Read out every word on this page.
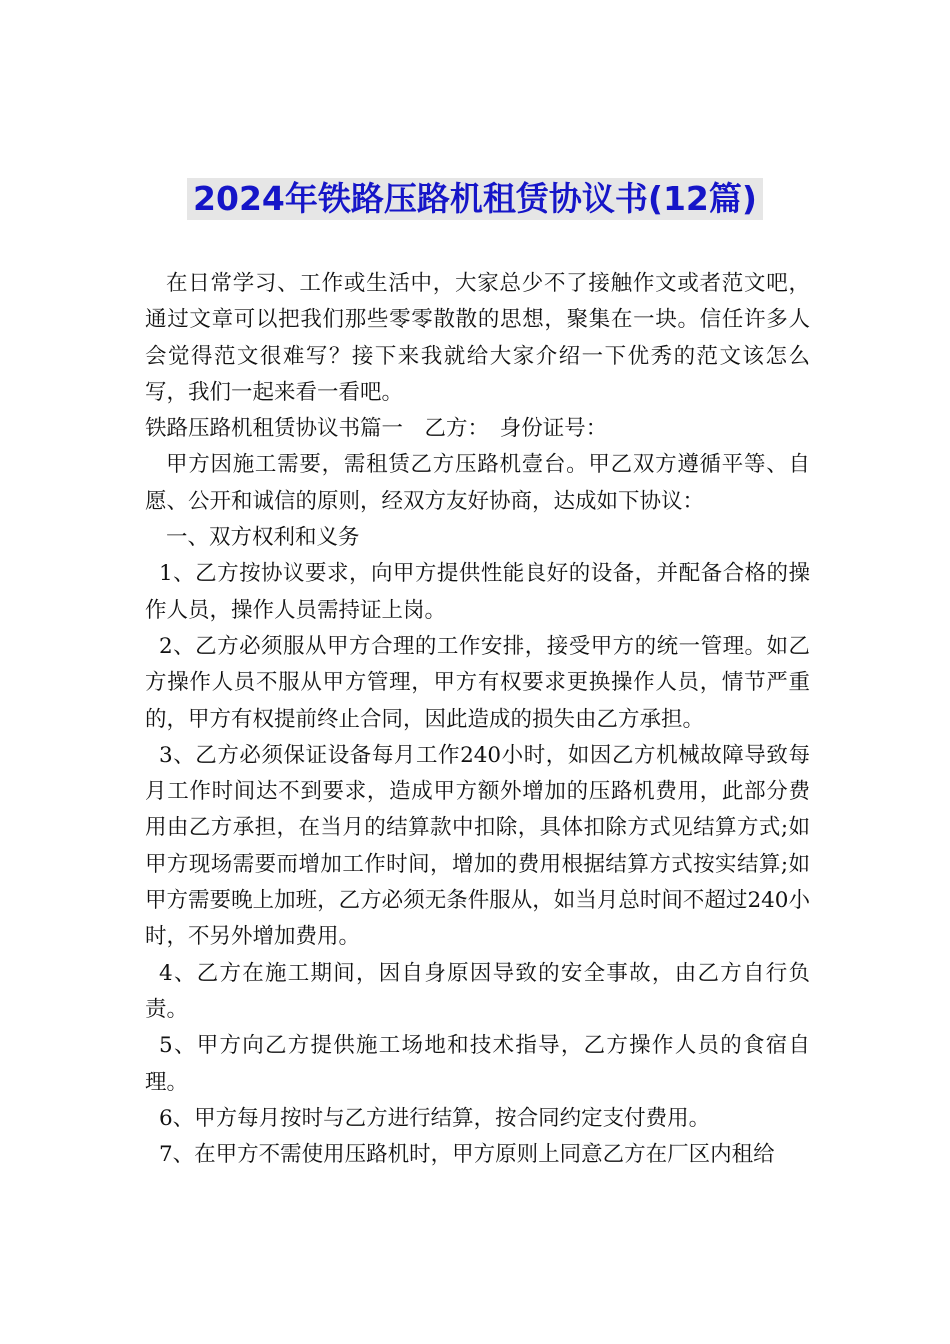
2024年铁路压路机租赁协议书(12篇)

在日常学习、工作或生活中，大家总少不了接触作文或者范文吧，通过文章可以把我们那些零零散散的思想，聚集在一块。信任许多人会觉得范文很难写？接下来我就给大家介绍一下优秀的范文该怎么写，我们一起来看一看吧。

铁路压路机租赁协议书篇一　乙方：　身份证号：

甲方因施工需要，需租赁乙方压路机壹台。甲乙双方遵循平等、自愿、公开和诚信的原则，经双方友好协商，达成如下协议：

一、双方权利和义务

1、乙方按协议要求，向甲方提供性能良好的设备，并配备合格的操作人员，操作人员需持证上岗。

2、乙方必须服从甲方合理的工作安排，接受甲方的统一管理。如乙方操作人员不服从甲方管理，甲方有权要求更换操作人员，情节严重的，甲方有权提前终止合同，因此造成的损失由乙方承担。

3、乙方必须保证设备每月工作240小时，如因乙方机械故障导致每月工作时间达不到要求，造成甲方额外增加的压路机费用，此部分费用由乙方承担，在当月的结算款中扣除，具体扣除方式见结算方式;如甲方现场需要而增加工作时间，增加的费用根据结算方式按实结算;如甲方需要晚上加班，乙方必须无条件服从，如当月总时间不超过240小时，不另外增加费用。

4、乙方在施工期间，因自身原因导致的安全事故，由乙方自行负责。

5、甲方向乙方提供施工场地和技术指导，乙方操作人员的食宿自理。

6、甲方每月按时与乙方进行结算，按合同约定支付费用。

7、在甲方不需使用压路机时，甲方原则上同意乙方在厂区内租给
